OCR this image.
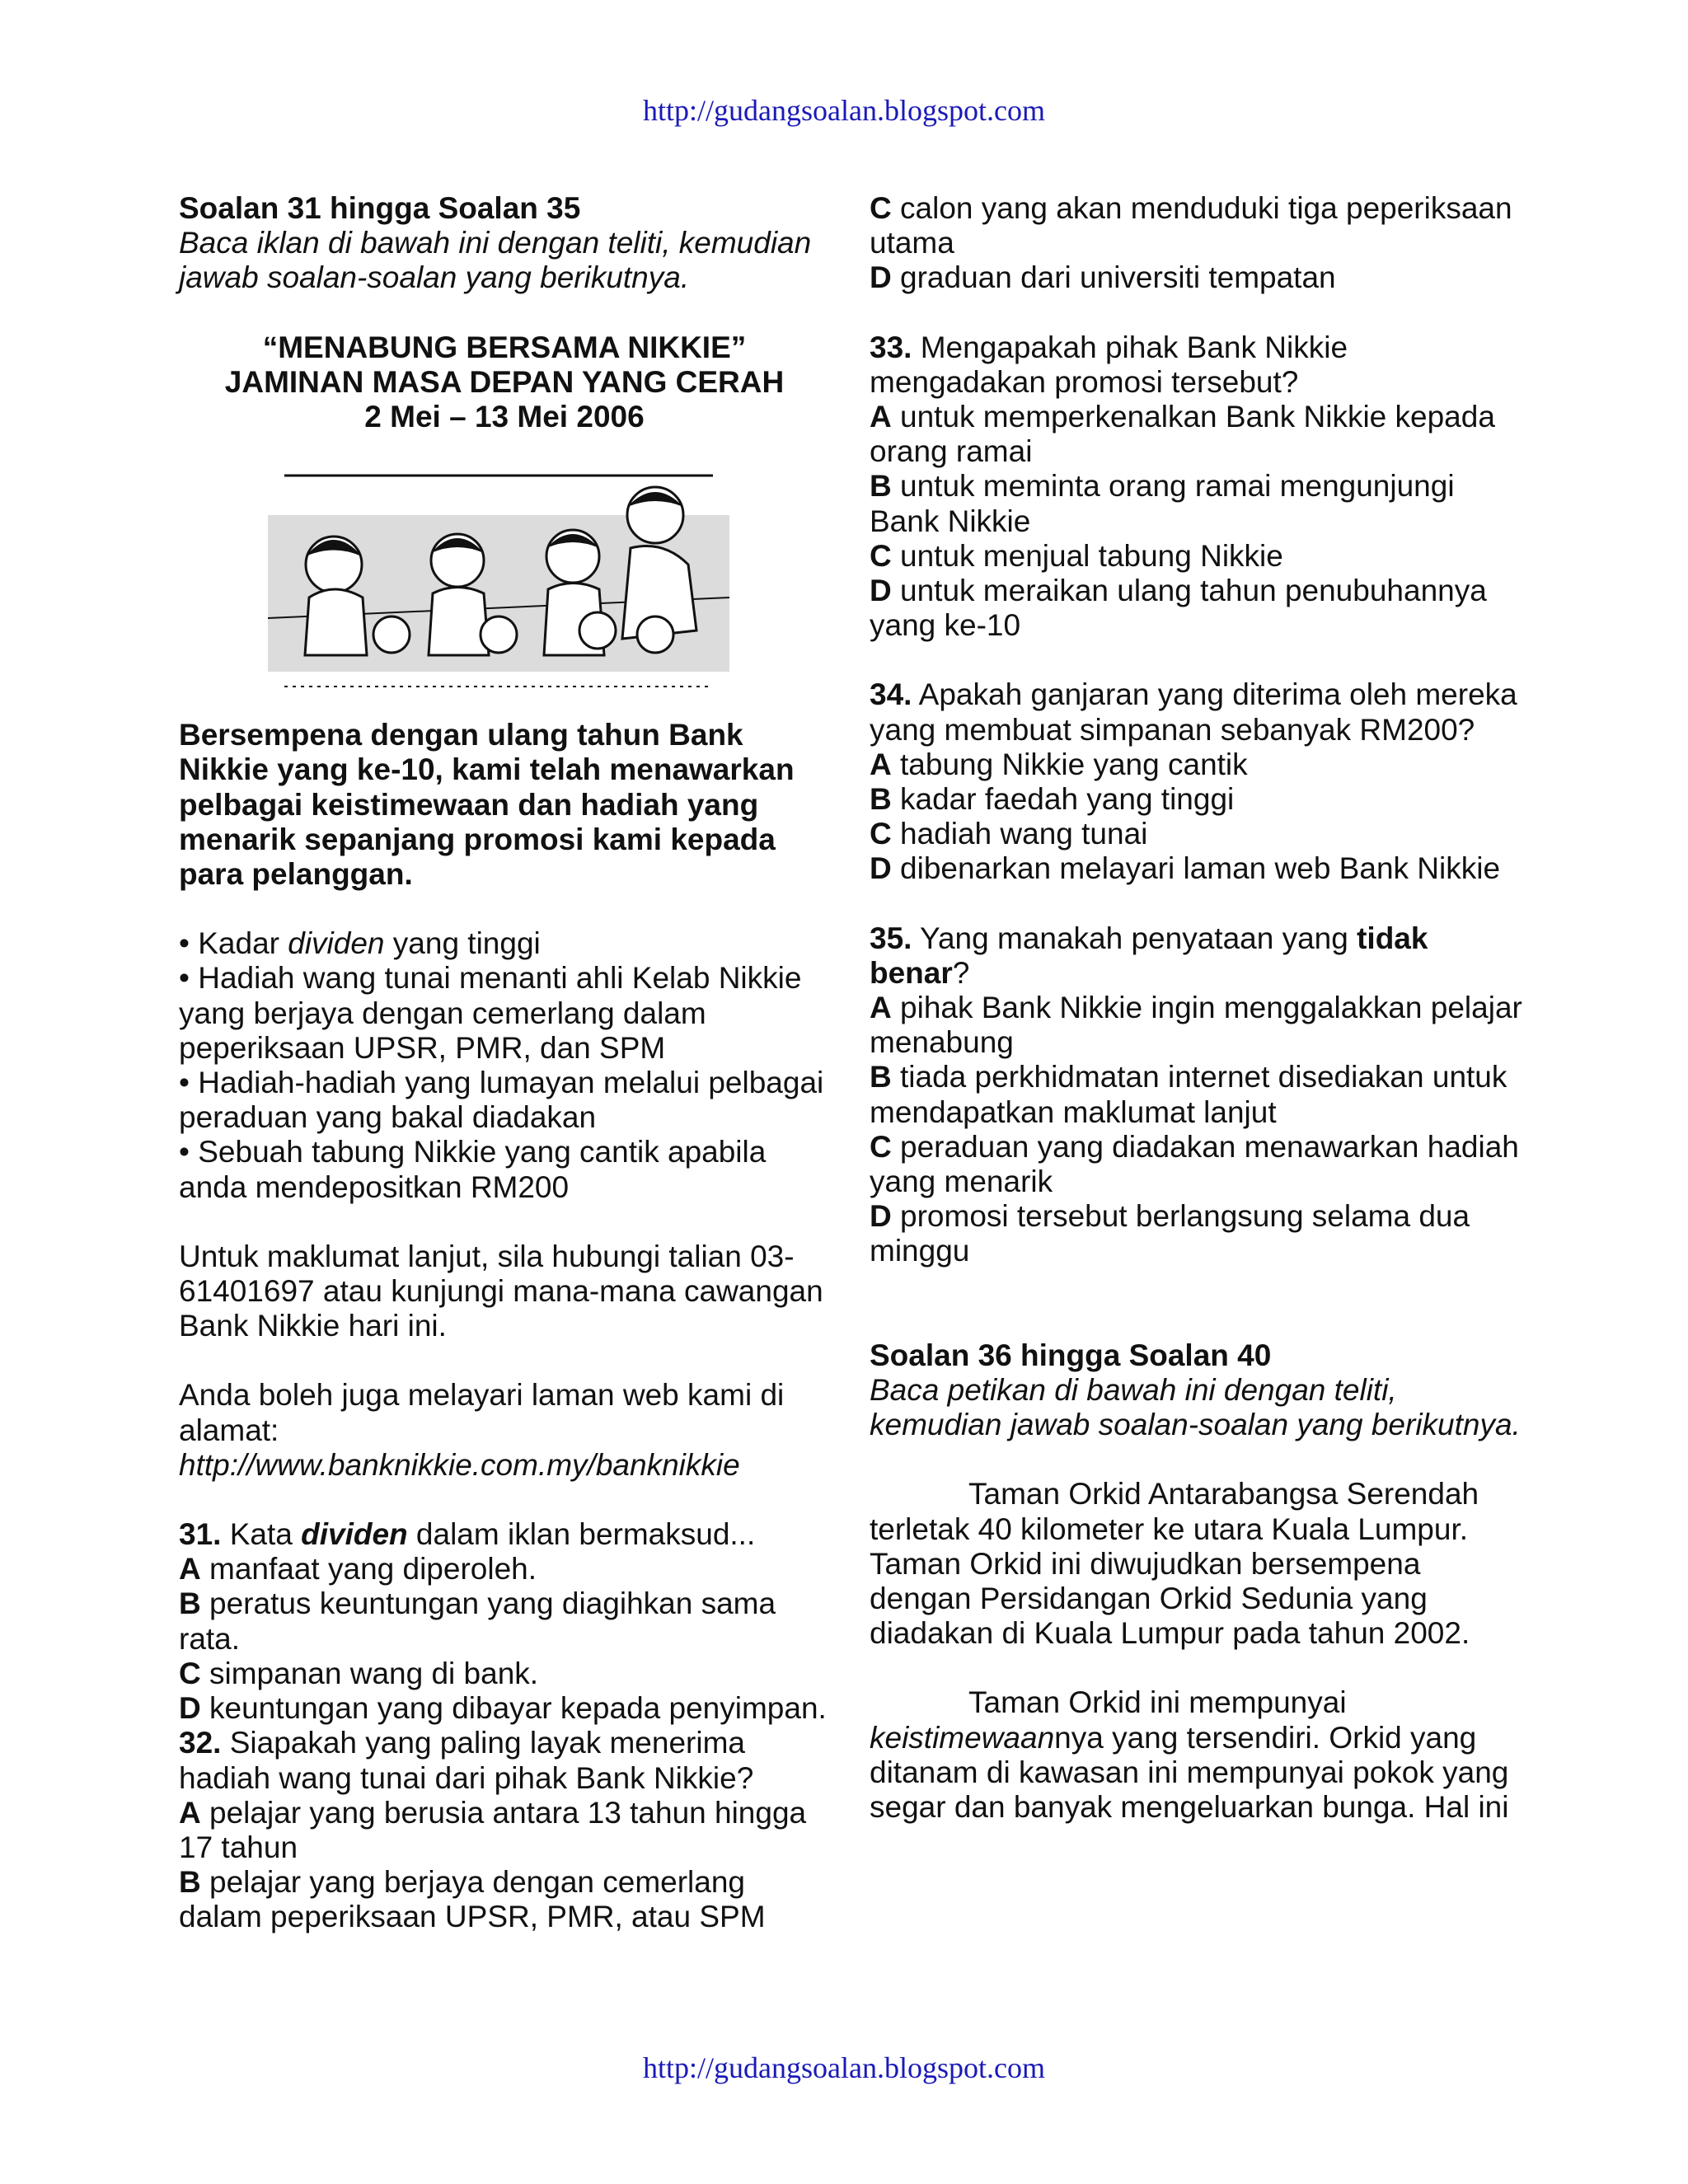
http://gudangsoalan.blogspot.com

Soalan 31 hingga Soalan 35

Baca iklan di bawah ini dengan teliti, kemudian jawab soalan-soalan yang berikutnya.

“MENABUNG BERSAMA NIKKIE”

JAMINAN MASA DEPAN YANG CERAH

2 Mei – 13 Mei 2006

Bersempena dengan ulang tahun Bank Nikkie yang ke-10, kami telah menawarkan pelbagai keistimewaan dan hadiah yang menarik sepanjang promosi kami kepada para pelanggan.

• Kadar dividen yang tinggi

• Hadiah wang tunai menanti ahli Kelab Nikkie yang berjaya dengan cemerlang dalam peperiksaan UPSR, PMR, dan SPM

• Hadiah-hadiah yang lumayan melalui pelbagai peraduan yang bakal diadakan

• Sebuah tabung Nikkie yang cantik apabila anda mendepositkan RM200

Untuk maklumat lanjut, sila hubungi talian 03-61401697 atau kunjungi mana-mana cawangan Bank Nikkie hari ini.

Anda boleh juga melayari laman web kami di alamat:

http://www.banknikkie.com.my/banknikkie

31. Kata dividen dalam iklan bermaksud...

A manfaat yang diperoleh.

B peratus keuntungan yang diagihkan sama rata.

C simpanan wang di bank.

D keuntungan yang dibayar kepada penyimpan.

32. Siapakah yang paling layak menerima hadiah wang tunai dari pihak Bank Nikkie?

A pelajar yang berusia antara 13 tahun hingga 17 tahun

B pelajar yang berjaya dengan cemerlang dalam peperiksaan UPSR, PMR, atau SPM

C calon yang akan menduduki tiga peperiksaan utama

D graduan dari universiti tempatan

33. Mengapakah pihak Bank Nikkie mengadakan promosi tersebut?

A untuk memperkenalkan Bank Nikkie kepada orang ramai

B untuk meminta orang ramai mengunjungi Bank Nikkie

C untuk menjual tabung Nikkie

D untuk meraikan ulang tahun penubuhannya yang ke-10

34. Apakah ganjaran yang diterima oleh mereka yang membuat simpanan sebanyak RM200?

A tabung Nikkie yang cantik

B kadar faedah yang tinggi

C hadiah wang tunai

D dibenarkan melayari laman web Bank Nikkie

35. Yang manakah penyataan yang tidak benar?

A pihak Bank Nikkie ingin menggalakkan pelajar menabung

B tiada perkhidmatan internet disediakan untuk mendapatkan maklumat lanjut

C peraduan yang diadakan menawarkan hadiah yang menarik

D promosi tersebut berlangsung selama dua minggu

Soalan 36 hingga Soalan 40

Baca petikan di bawah ini dengan teliti, kemudian jawab soalan-soalan yang berikutnya.

Taman Orkid Antarabangsa Serendah terletak 40 kilometer ke utara Kuala Lumpur. Taman Orkid ini diwujudkan bersempena dengan Persidangan Orkid Sedunia yang diadakan di Kuala Lumpur pada tahun 2002.

Taman Orkid ini mempunyai keistimewaannya yang tersendiri. Orkid yang ditanam di kawasan ini mempunyai pokok yang segar dan banyak mengeluarkan bunga. Hal ini

http://gudangsoalan.blogspot.com
